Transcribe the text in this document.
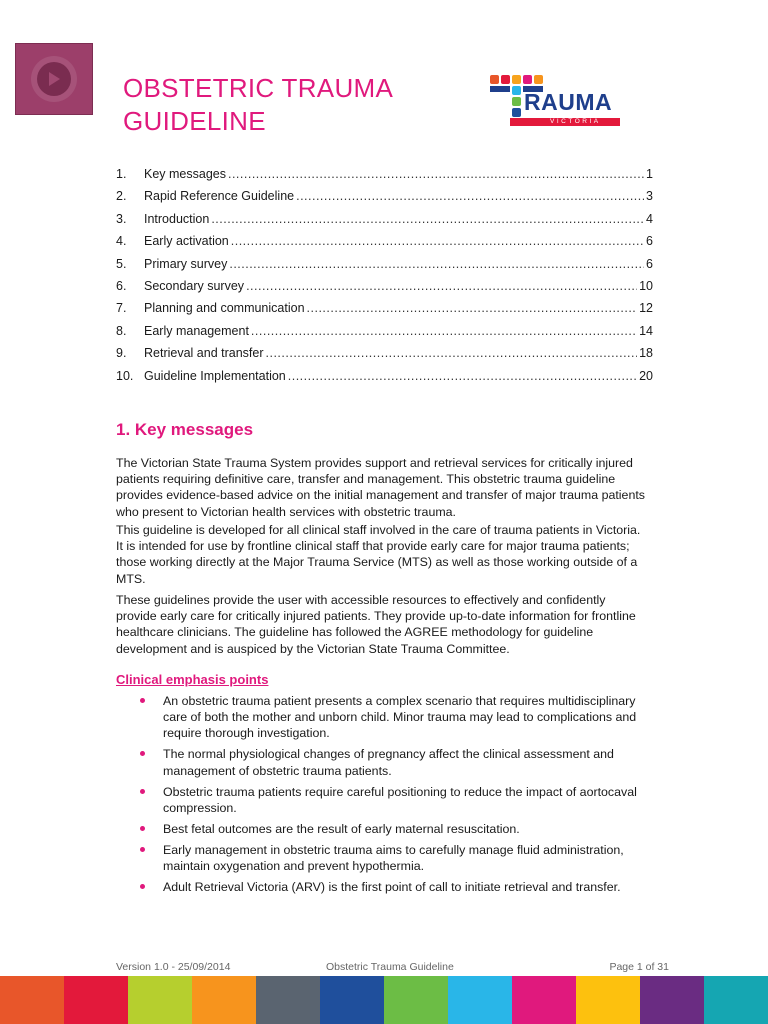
OBSTETRIC TRAUMA
GUIDELINE
RAUMA
VICTORIA
1.	Key messages .....	1
2.	Rapid Reference Guideline .....	3
3.	Introduction .....	4
4.	Early activation .....	6
5.	Primary survey .....	6
6.	Secondary survey .....	10
7.	Planning and communication .....	12
8.	Early management .....	14
9.	Retrieval and transfer .....	18
10. Guideline Implementation .....	20
1. Key messages

The Victorian State Trauma System provides support and retrieval services for critically injured patients requiring definitive care, transfer and management. This obstetric trauma guideline provides evidence-based advice on the initial management and transfer of major trauma patients who present to Victorian health services with obstetric trauma.

This guideline is developed for all clinical staff involved in the care of trauma patients in Victoria. It is intended for use by frontline clinical staff that provide early care for major trauma patients; those working directly at the Major Trauma Service (MTS) as well as those working outside of a MTS.

These guidelines provide the user with accessible resources to effectively and confidently provide early care for critically injured patients. They provide up-to-date information for frontline healthcare clinicians. The guideline has followed the AGREE methodology for guideline development and is auspiced by the Victorian State Trauma Committee.

Clinical emphasis points
An obstetric trauma patient presents a complex scenario that requires multidisciplinary care of both the mother and unborn child. Minor trauma may lead to complications and require thorough investigation.
The normal physiological changes of pregnancy affect the clinical assessment and management of obstetric trauma patients.
Obstetric trauma patients require careful positioning to reduce the impact of aortocaval compression.
Best fetal outcomes are the result of early maternal resuscitation.
Early management in obstetric trauma aims to carefully manage fluid administration, maintain oxygenation and prevent hypothermia.
Adult Retrieval Victoria (ARV) is the first point of call to initiate retrieval and transfer.
Version 1.0 - 25/09/2014	Obstetric Trauma Guideline	Page 1 of 31
